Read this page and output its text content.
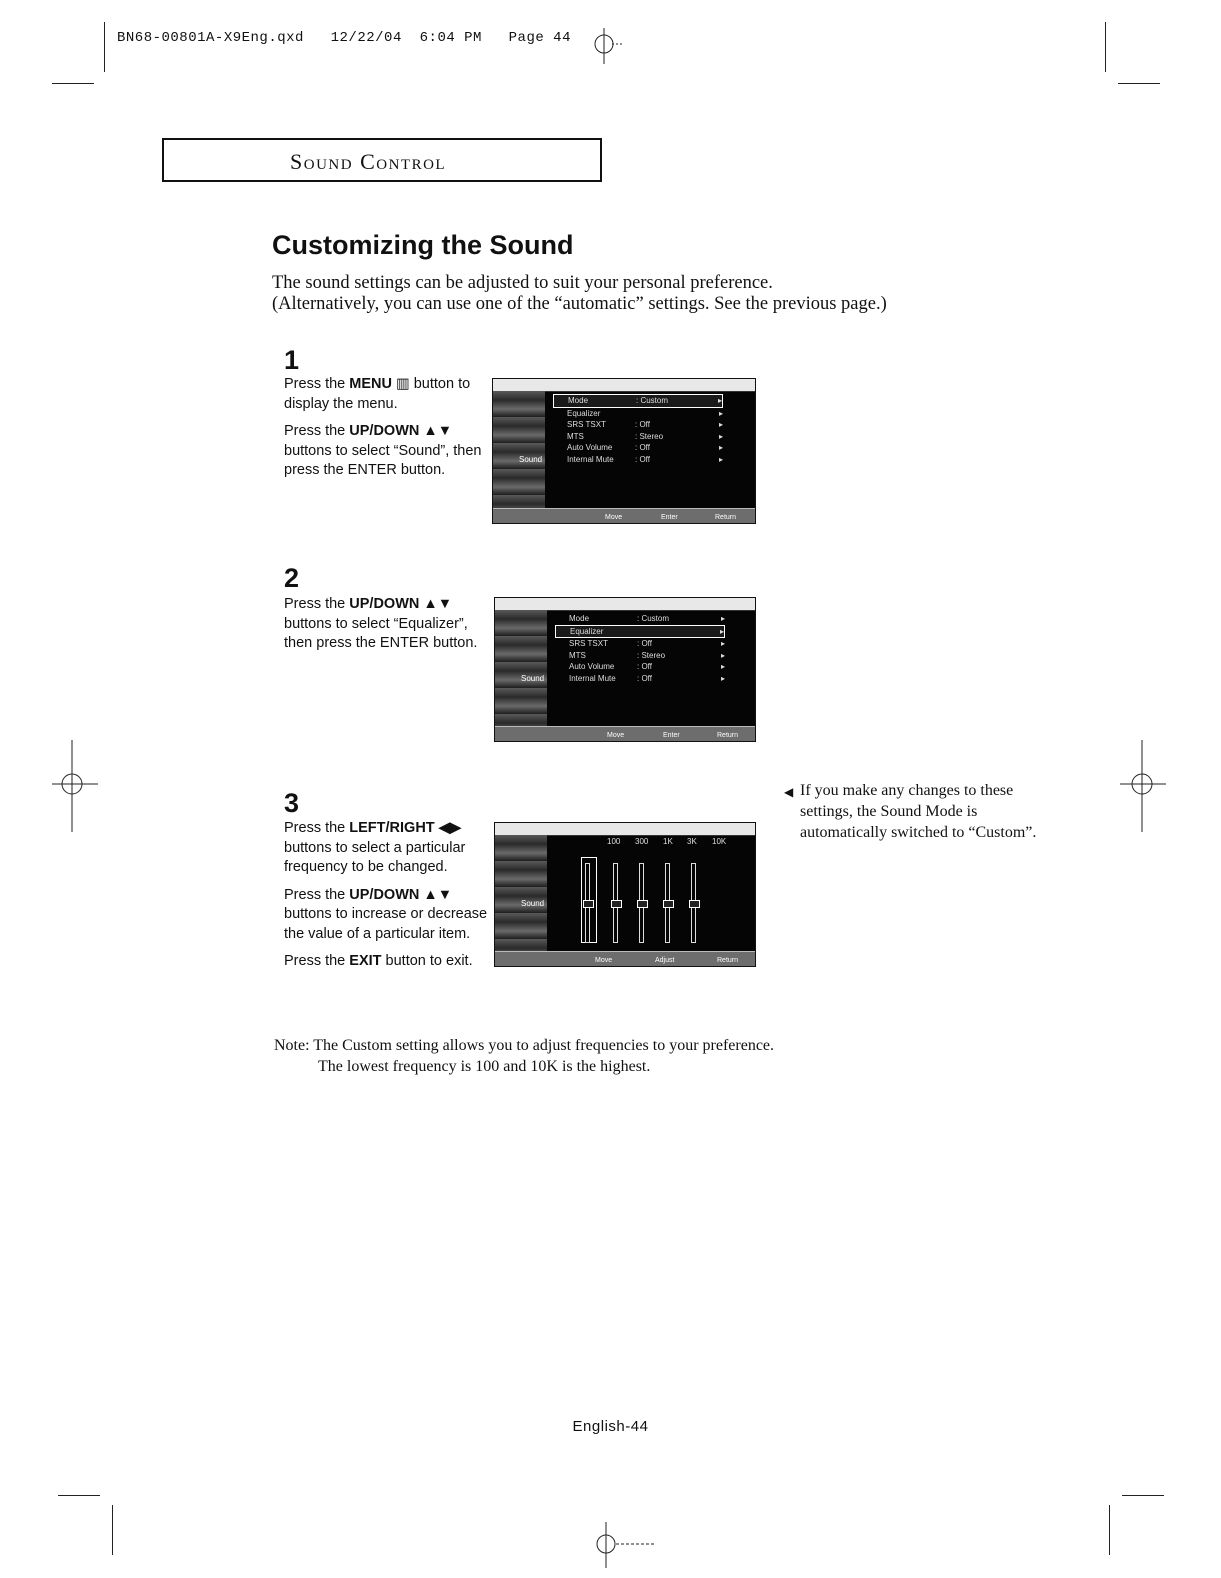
BN68-00801A-X9Eng.qxd   12/22/04  6:04 PM   Page 44
Sound Control
Customizing the Sound
The sound settings can be adjusted to suit your personal preference.
(Alternatively, you can use one of the “automatic” settings. See the previous page.)
1

Press the MENU ▥ button to display the menu.

Press the UP/DOWN ▲▼ buttons to select “Sound”, then press the ENTER button.

Sound
Mode	: Custom	▸
Equalizer	▸
SRS TSXT	: Off	▸
MTS	: Stereo	▸
Auto Volume	: Off	▸
Internal Mute	: Off	▸
Move	Enter	Return
2

Press the UP/DOWN ▲▼ buttons to select “Equalizer”, then press the ENTER button.

Sound
Mode	: Custom	▸
Equalizer	▸
SRS TSXT	: Off	▸
MTS	: Stereo	▸
Auto Volume	: Off	▸
Internal Mute	: Off	▸
Move	Enter	Return
3

Press the LEFT/RIGHT ◀▶ buttons to select a particular frequency to be changed.

Press the UP/DOWN ▲▼ buttons to increase or decrease the value of a particular item.

Press the EXIT button to exit.

Sound
100 300 1K 3K 10K
Move	Adjust	Return
◀ If you make any changes to these settings, the Sound Mode is automatically switched to “Custom”.
Note: The Custom setting allows you to adjust frequencies to your preference.
The lowest frequency is 100 and 10K is the highest.
English-44
